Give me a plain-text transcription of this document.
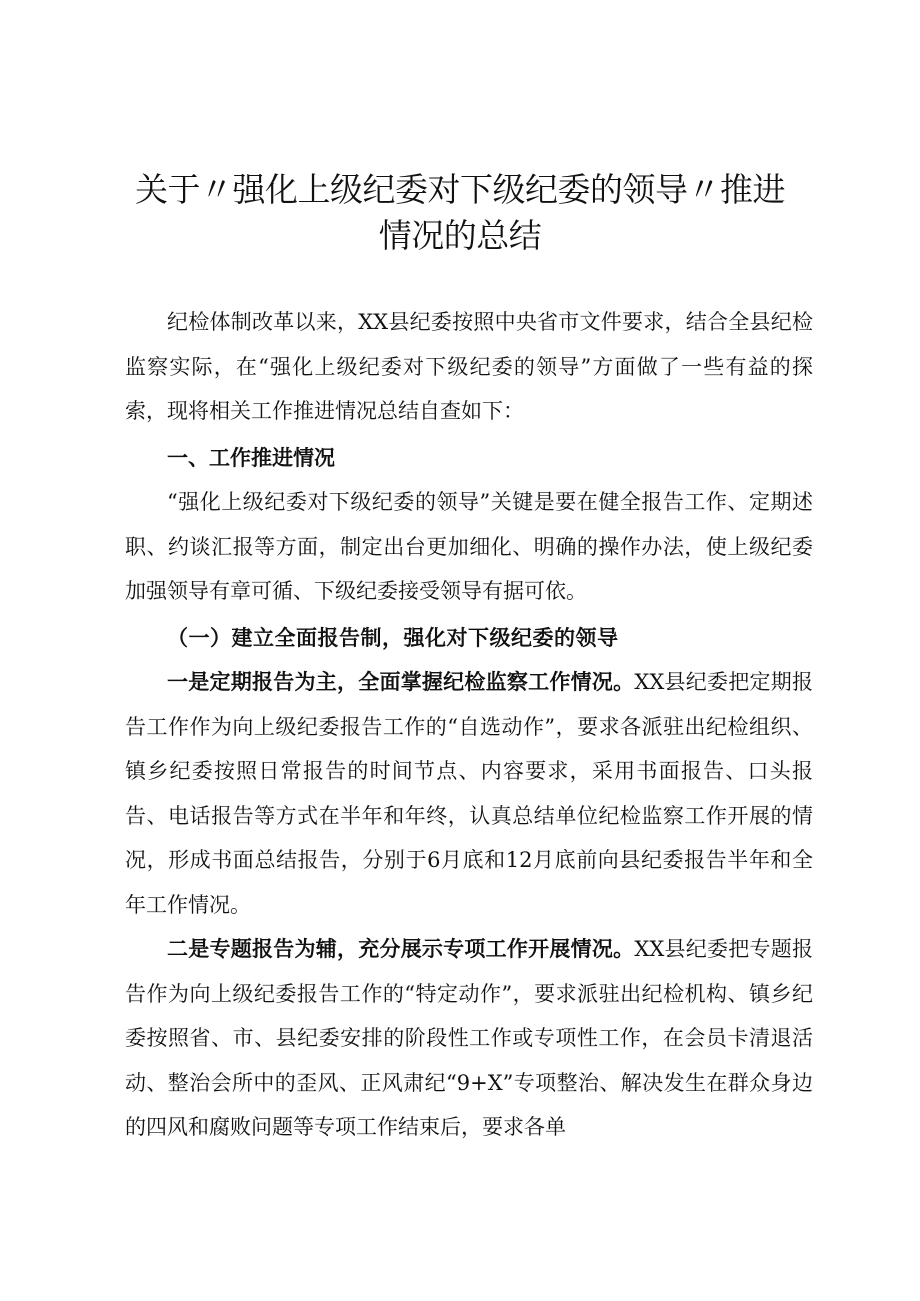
关于〃强化上级纪委对下级纪委的领导〃推进
情况的总结

纪检体制改革以来，XX县纪委按照中央省市文件要求，结合全县纪检监察实际，在“强化上级纪委对下级纪委的领导”方面做了一些有益的探索，现将相关工作推进情况总结自查如下：

一、工作推进情况

“强化上级纪委对下级纪委的领导”关键是要在健全报告工作、定期述职、约谈汇报等方面，制定出台更加细化、明确的操作办法，使上级纪委加强领导有章可循、下级纪委接受领导有据可依。

（一）建立全面报告制，强化对下级纪委的领导

一是定期报告为主，全面掌握纪检监察工作情况。XX县纪委把定期报告工作作为向上级纪委报告工作的“自选动作”，要求各派驻出纪检组织、镇乡纪委按照日常报告的时间节点、内容要求，采用书面报告、口头报告、电话报告等方式在半年和年终，认真总结单位纪检监察工作开展的情况，形成书面总结报告，分别于6月底和12月底前向县纪委报告半年和全年工作情况。

二是专题报告为辅，充分展示专项工作开展情况。XX县纪委把专题报告作为向上级纪委报告工作的“特定动作”，要求派驻出纪检机构、镇乡纪委按照省、市、县纪委安排的阶段性工作或专项性工作，在会员卡清退活动、整治会所中的歪风、正风肃纪“9+X”专项整治、解决发生在群众身边的四风和腐败问题等专项工作结束后，要求各单
